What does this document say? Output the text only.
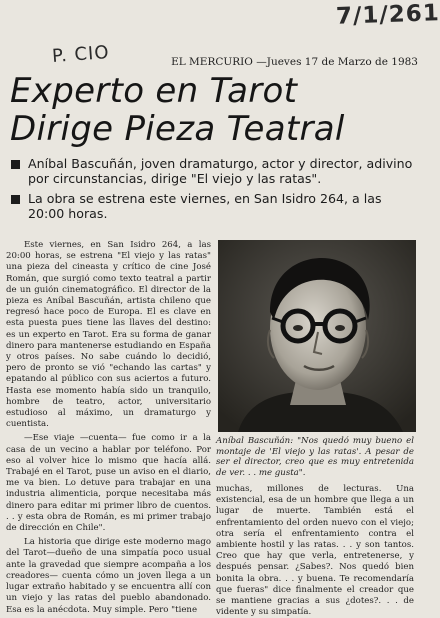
7/1/261
P. CIO	EL MERCURIO —Jueves 17 de Marzo de 1983
Experto en Tarot
Dirige Pieza Teatral
Aníbal Bascuñán, joven dramaturgo, actor y director, adivino por circunstancias, dirige "El viejo y las ratas".
La obra se estrena este viernes, en San Isidro 264, a las 20:00 horas.

Este viernes, en San Isidro 264, a las 20:00 horas, se estrena "El viejo y las ratas" una pieza del cineasta y crítico de cine José Román, que surgió como texto teatral a partir de un guión cinematográfico. El director de la pieza es Aníbal Bascuñán, artista chileno que regresó hace poco de Europa. El es clave en esta puesta pues tiene las llaves del destino: es un experto en Tarot. Era su forma de ganar dinero para mantenerse estudiando en España y otros países. No sabe cuándo lo decidió, pero de pronto se vió "echando las cartas" y epatando al público con sus aciertos a futuro. Hasta ese momento había sido un tranquilo, hombre de teatro, actor, universitario estudioso al máximo, un dramaturgo y cuentista.

—Ese viaje —cuenta— fue como ir a la casa de un vecino a hablar por teléfono. Por eso al volver hice lo mismo que hacía allá. Trabajé en el Tarot, puse un aviso en el diario, me va bien. Lo detuve para trabajar en una industria alimenticia, porque necesitaba más dinero para editar mi primer libro de cuentos. . . y esta obra de Román, es mi primer trabajo de dirección en Chile".

La historia que dirige este moderno mago del Tarot—dueño de una simpatía poco usual ante la gravedad que siempre acompaña a los creadores— cuenta cómo un joven llega a un lugar extraño habitado y se encuentra allí con un viejo y las ratas del pueblo abandonado. Esa es la anécdota. Muy simple. Pero "tiene

Aníbal Bascuñán: "Nos quedó muy bueno el montaje de 'El viejo y las ratas'. A pesar de ser el director, creo que es muy entretenida de ver. . . me gusta".

muchas, millones de lecturas. Una existencial, esa de un hombre que llega a un lugar de muerte. También está el enfrentamiento del orden nuevo con el viejo; otra sería el enfrentamiento contra el ambiente hostil y las ratas. . . y son tantos. Creo que hay que verla, entretenerse, y después pensar. ¿Sabes?. Nos quedó bien bonita la obra. . . y buena. Te recomendaría que fueras" dice finalmente el creador que se mantiene gracias a sus ¿dotes?. . . de vidente y su simpatía.
